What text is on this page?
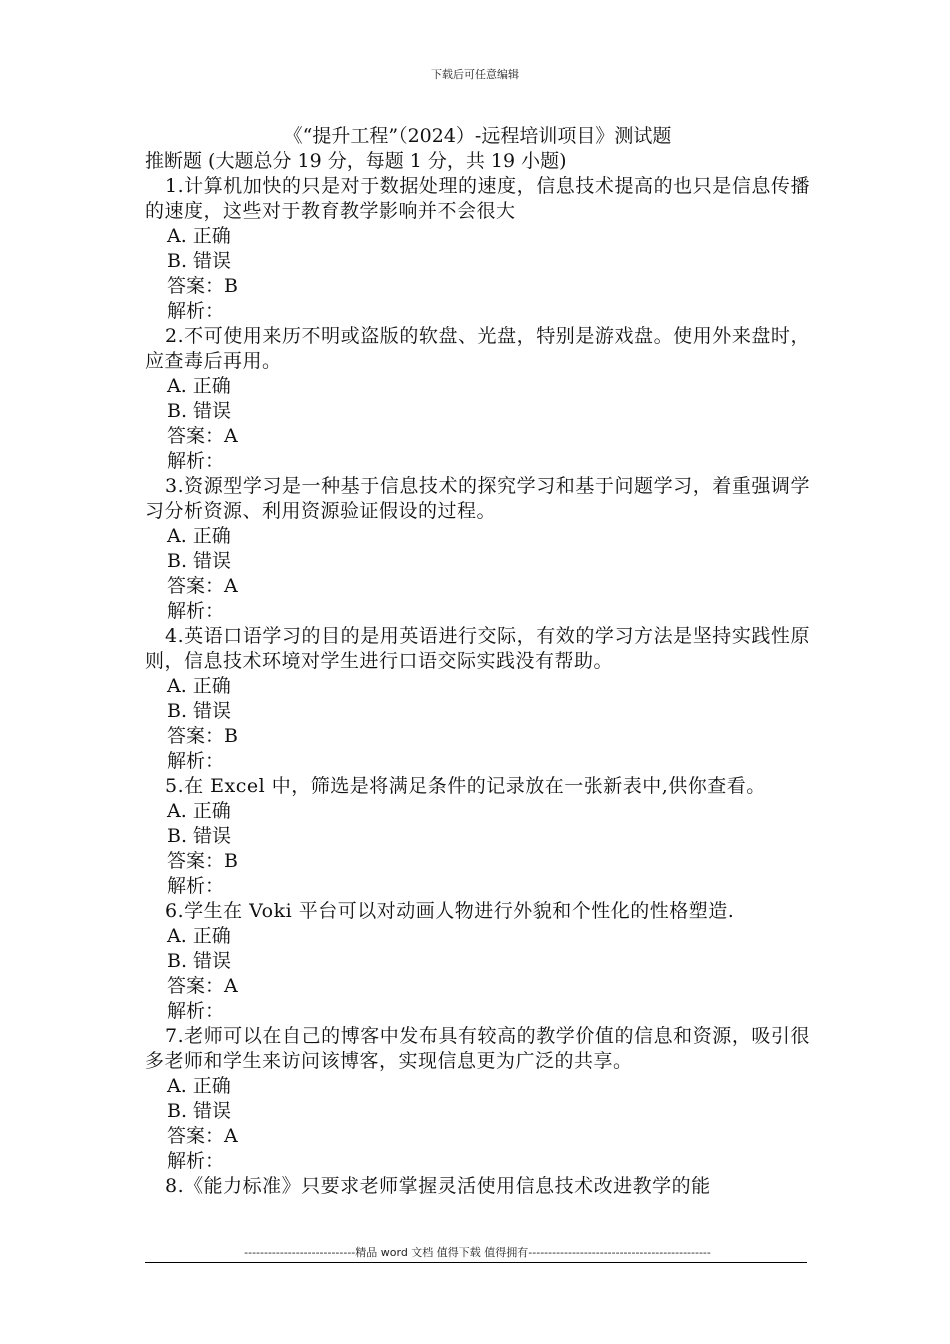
下载后可任意编辑
《“提升工程”（2024）-远程培训项目》测试题
推断题 (大题总分 19 分，每题 1 分，共 19 小题)
1.计算机加快的只是对于数据处理的速度，信息技术提高的也只是信息传播的速度，这些对于教育教学影响并不会很大
A. 正确
B. 错误
答案：B
解析：
2.不可使用来历不明或盗版的软盘、光盘，特别是游戏盘。使用外来盘时，应查毒后再用。
A. 正确
B. 错误
答案：A
解析：
3.资源型学习是一种基于信息技术的探究学习和基于问题学习，着重强调学习分析资源、利用资源验证假设的过程。
A. 正确
B. 错误
答案：A
解析：
4.英语口语学习的目的是用英语进行交际，有效的学习方法是坚持实践性原则，信息技术环境对学生进行口语交际实践没有帮助。
A. 正确
B. 错误
答案：B
解析：
5.在 Excel 中，筛选是将满足条件的记录放在一张新表中,供你查看。
A. 正确
B. 错误
答案：B
解析：
6.学生在 Voki 平台可以对动画人物进行外貌和个性化的性格塑造.
A. 正确
B. 错误
答案：A
解析：
7.老师可以在自己的博客中发布具有较高的教学价值的信息和资源，吸引很多老师和学生来访问该博客，实现信息更为广泛的共享。
A. 正确
B. 错误
答案：A
解析：
8.《能力标准》只要求老师掌握灵活使用信息技术改进教学的能
----------------------------精品 word 文档 值得下载 值得拥有----------------------------------------------
